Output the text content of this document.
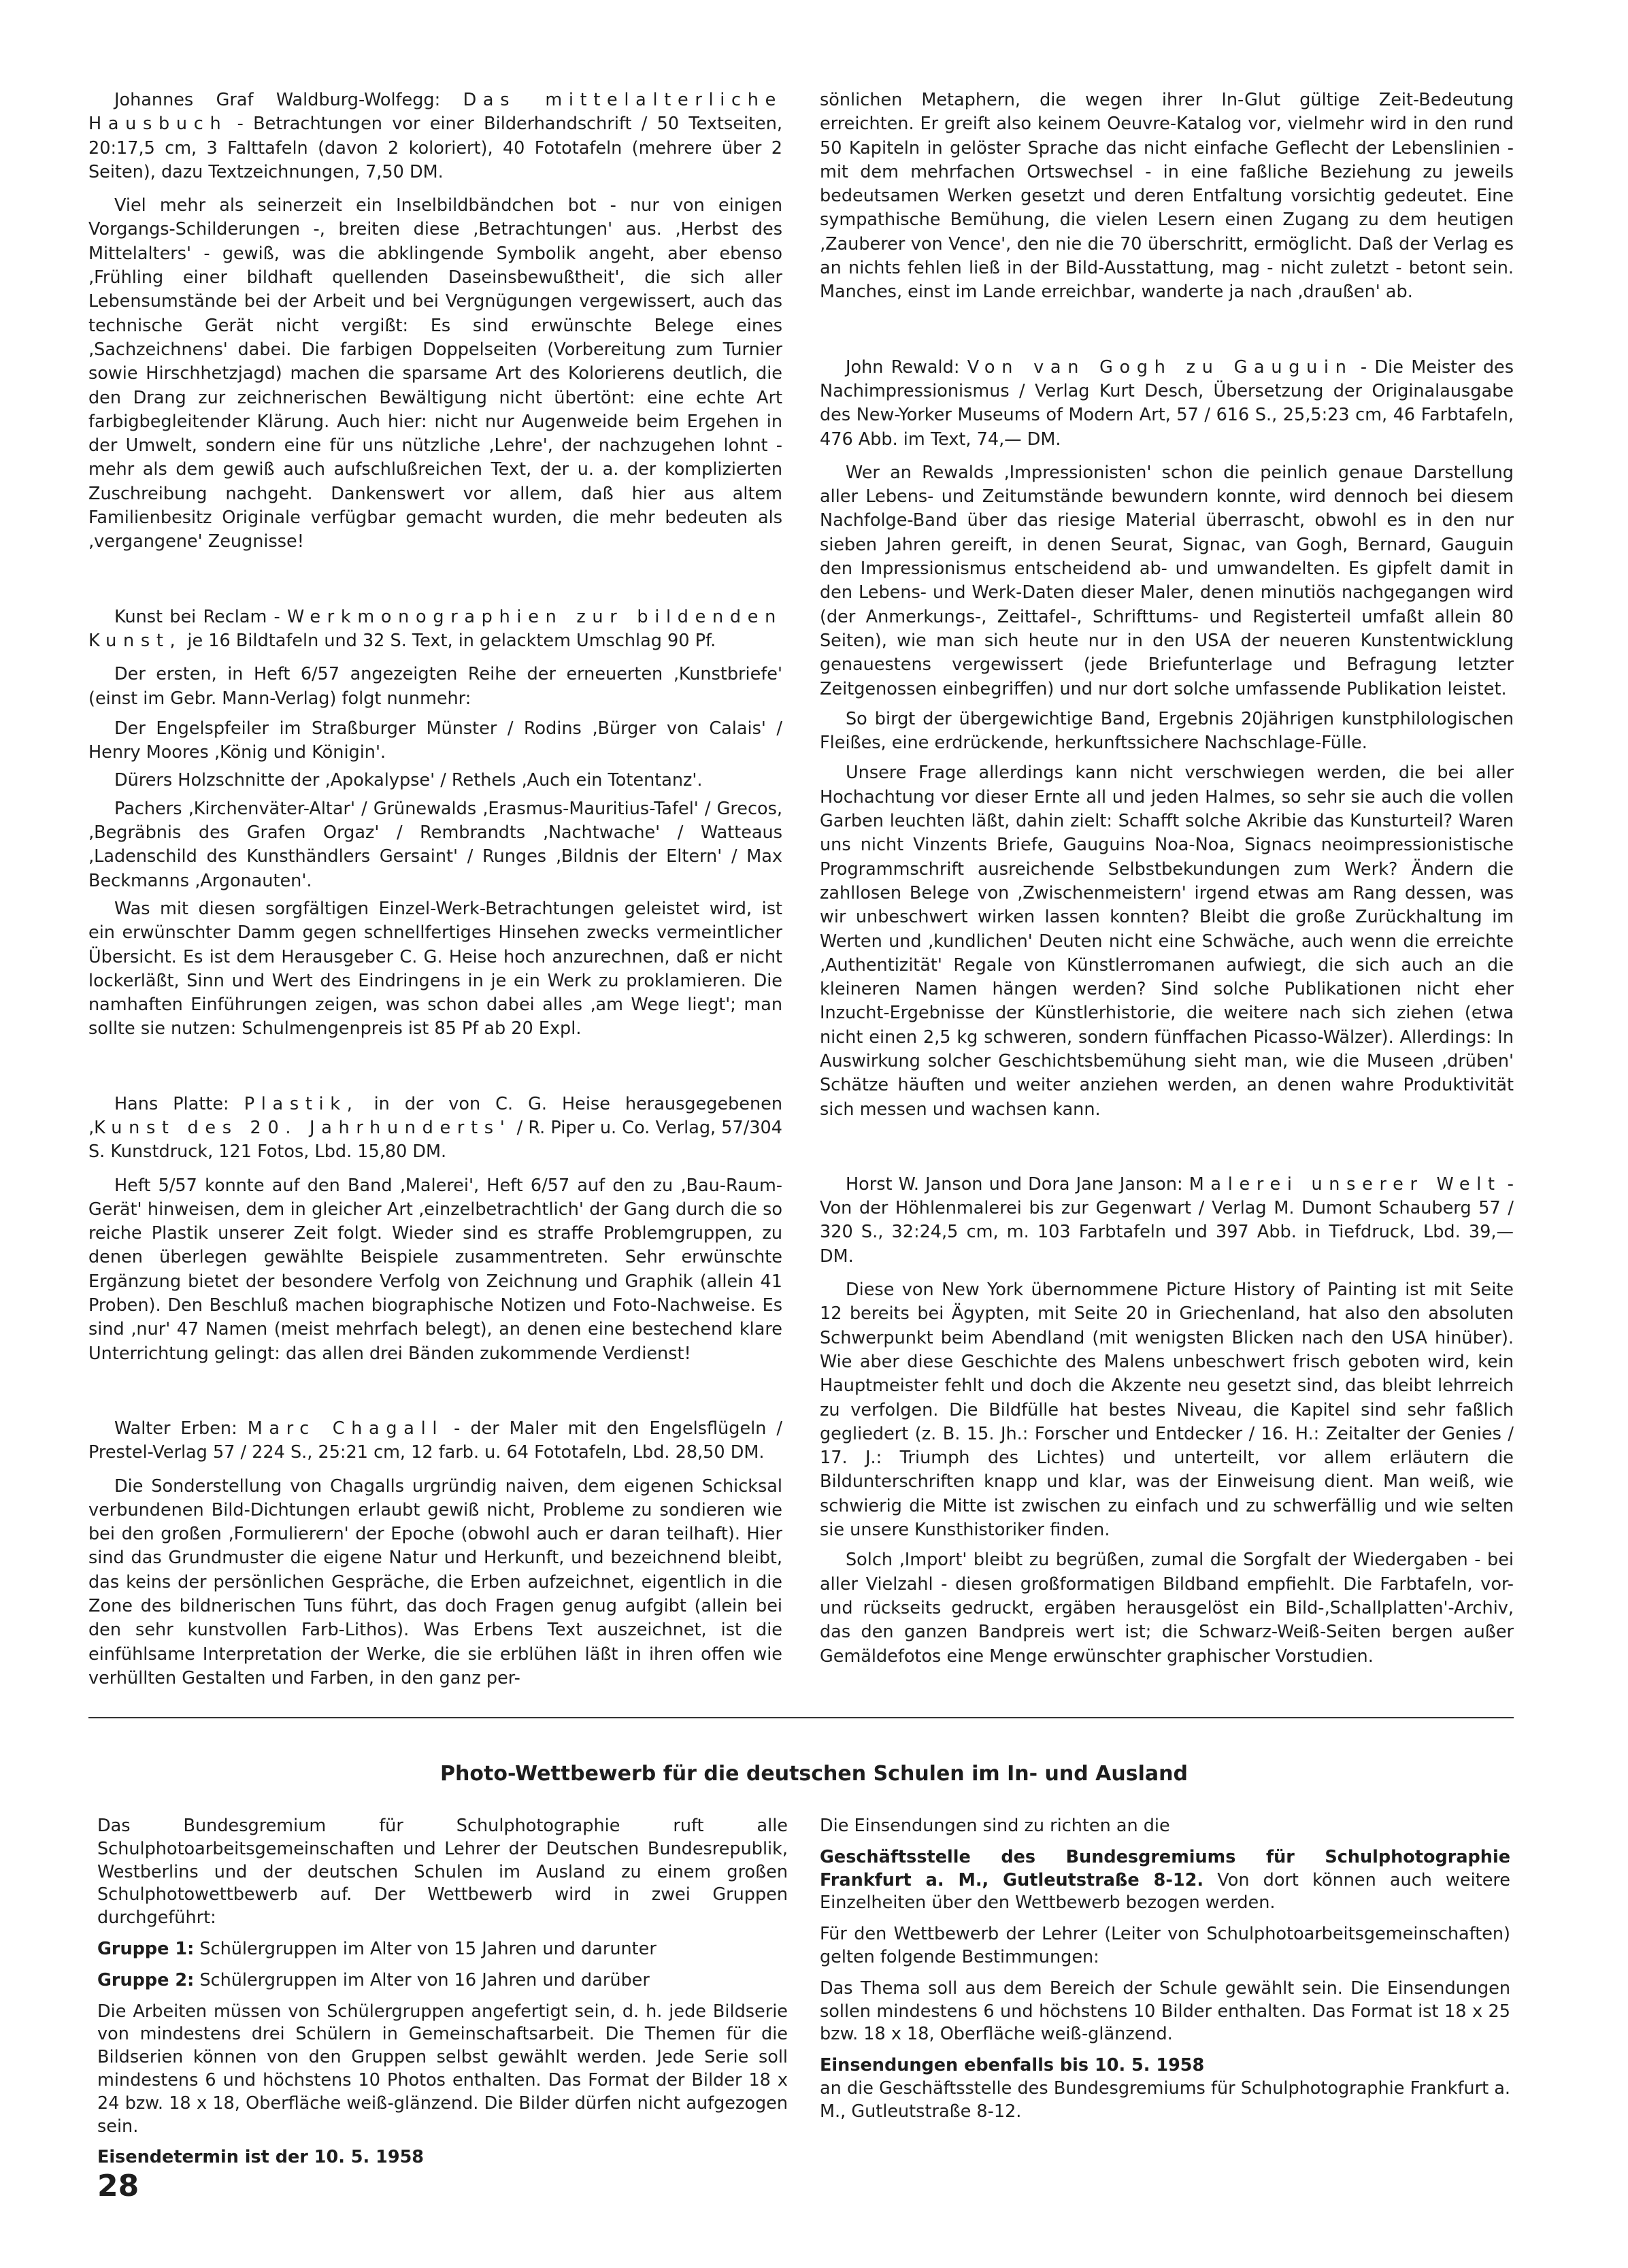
Johannes Graf Waldburg-Wolfegg: Das mittelalterliche Hausbuch - Betrachtungen vor einer Bilderhandschrift / 50 Textseiten, 20:17,5 cm, 3 Falttafeln (davon 2 koloriert), 40 Fototafeln (mehrere über 2 Seiten), dazu Textzeichnungen, 7,50 DM.

Viel mehr als seinerzeit ein Inselbildbändchen bot - nur von einigen Vorgangs-Schilderungen -, breiten diese ‚Betrachtungen' aus. ‚Herbst des Mittelalters' - gewiß, was die abklingende Symbolik angeht, aber ebenso ‚Frühling einer bildhaft quellenden Daseinsbewußtheit', die sich aller Lebensumstände bei der Arbeit und bei Vergnügungen vergewissert, auch das technische Gerät nicht vergißt: Es sind erwünschte Belege eines ‚Sachzeichnens' dabei. Die farbigen Doppelseiten (Vorbereitung zum Turnier sowie Hirschhetzjagd) machen die sparsame Art des Kolorierens deutlich, die den Drang zur zeichnerischen Bewältigung nicht übertönt: eine echte Art farbigbegleitender Klärung. Auch hier: nicht nur Augenweide beim Ergehen in der Umwelt, sondern eine für uns nützliche ‚Lehre', der nachzugehen lohnt - mehr als dem gewiß auch aufschlußreichen Text, der u. a. der komplizierten Zuschreibung nachgeht. Dankenswert vor allem, daß hier aus altem Familienbesitz Originale verfügbar gemacht wurden, die mehr bedeuten als ‚vergangene' Zeugnisse!

Kunst bei Reclam - Werkmonographien zur bildenden Kunst, je 16 Bildtafeln und 32 S. Text, in gelacktem Umschlag 90 Pf.

Der ersten, in Heft 6/57 angezeigten Reihe der erneuerten ‚Kunstbriefe' (einst im Gebr. Mann-Verlag) folgt nunmehr:

Der Engelspfeiler im Straßburger Münster / Rodins ‚Bürger von Calais' / Henry Moores ‚König und Königin'.

Dürers Holzschnitte der ‚Apokalypse' / Rethels ‚Auch ein Totentanz'.

Pachers ‚Kirchenväter-Altar' / Grünewalds ‚Erasmus-Mauritius-Tafel' / Grecos, ‚Begräbnis des Grafen Orgaz' / Rembrandts ‚Nachtwache' / Watteaus ‚Ladenschild des Kunsthändlers Gersaint' / Runges ‚Bildnis der Eltern' / Max Beckmanns ‚Argonauten'.

Was mit diesen sorgfältigen Einzel-Werk-Betrachtungen geleistet wird, ist ein erwünschter Damm gegen schnellfertiges Hinsehen zwecks vermeintlicher Übersicht. Es ist dem Herausgeber C. G. Heise hoch anzurechnen, daß er nicht lockerläßt, Sinn und Wert des Eindringens in je ein Werk zu proklamieren. Die namhaften Einführungen zeigen, was schon dabei alles ‚am Wege liegt'; man sollte sie nutzen: Schulmengenpreis ist 85 Pf ab 20 Expl.

Hans Platte: Plastik, in der von C. G. Heise herausgegebenen ‚Kunst des 20. Jahrhunderts' / R. Piper u. Co. Verlag, 57/304 S. Kunstdruck, 121 Fotos, Lbd. 15,80 DM.

Heft 5/57 konnte auf den Band ‚Malerei', Heft 6/57 auf den zu ‚Bau-Raum-Gerät' hinweisen, dem in gleicher Art ‚einzelbetrachtlich' der Gang durch die so reiche Plastik unserer Zeit folgt. Wieder sind es straffe Problemgruppen, zu denen überlegen gewählte Beispiele zusammentreten. Sehr erwünschte Ergänzung bietet der besondere Verfolg von Zeichnung und Graphik (allein 41 Proben). Den Beschluß machen biographische Notizen und Foto-Nachweise. Es sind ‚nur' 47 Namen (meist mehrfach belegt), an denen eine bestechend klare Unterrichtung gelingt: das allen drei Bänden zukommende Verdienst!

Walter Erben: Marc Chagall - der Maler mit den Engelsflügeln / Prestel-Verlag 57 / 224 S., 25:21 cm, 12 farb. u. 64 Fototafeln, Lbd. 28,50 DM.

Die Sonderstellung von Chagalls urgründig naiven, dem eigenen Schicksal verbundenen Bild-Dichtungen erlaubt gewiß nicht, Probleme zu sondieren wie bei den großen ‚Formulierern' der Epoche (obwohl auch er daran teilhaft). Hier sind das Grundmuster die eigene Natur und Herkunft, und bezeichnend bleibt, das keins der persönlichen Gespräche, die Erben aufzeichnet, eigentlich in die Zone des bildnerischen Tuns führt, das doch Fragen genug aufgibt (allein bei den sehr kunstvollen Farb-Lithos). Was Erbens Text auszeichnet, ist die einfühlsame Interpretation der Werke, die sie erblühen läßt in ihren offen wie verhüllten Gestalten und Farben, in den ganz per-

sönlichen Metaphern, die wegen ihrer In-Glut gültige Zeit-Bedeutung erreichten. Er greift also keinem Oeuvre-Katalog vor, vielmehr wird in den rund 50 Kapiteln in gelöster Sprache das nicht einfache Geflecht der Lebenslinien - mit dem mehrfachen Ortswechsel - in eine faßliche Beziehung zu jeweils bedeutsamen Werken gesetzt und deren Entfaltung vorsichtig gedeutet. Eine sympathische Bemühung, die vielen Lesern einen Zugang zu dem heutigen ‚Zauberer von Vence', den nie die 70 überschritt, ermöglicht. Daß der Verlag es an nichts fehlen ließ in der Bild-Ausstattung, mag - nicht zuletzt - betont sein. Manches, einst im Lande erreichbar, wanderte ja nach ‚draußen' ab.

John Rewald: Von van Gogh zu Gauguin - Die Meister des Nachimpressionismus / Verlag Kurt Desch, Übersetzung der Originalausgabe des New-Yorker Museums of Modern Art, 57 / 616 S., 25,5:23 cm, 46 Farbtafeln, 476 Abb. im Text, 74,— DM.

Wer an Rewalds ‚Impressionisten' schon die peinlich genaue Darstellung aller Lebens- und Zeitumstände bewundern konnte, wird dennoch bei diesem Nachfolge-Band über das riesige Material überrascht, obwohl es in den nur sieben Jahren gereift, in denen Seurat, Signac, van Gogh, Bernard, Gauguin den Impressionismus entscheidend ab- und umwandelten. Es gipfelt damit in den Lebens- und Werk-Daten dieser Maler, denen minutiös nachgegangen wird (der Anmerkungs-, Zeittafel-, Schrifttums- und Registerteil umfaßt allein 80 Seiten), wie man sich heute nur in den USA der neueren Kunstentwicklung genauestens vergewissert (jede Briefunterlage und Befragung letzter Zeitgenossen einbegriffen) und nur dort solche umfassende Publikation leistet.

So birgt der übergewichtige Band, Ergebnis 20jährigen kunstphilologischen Fleißes, eine erdrückende, herkunftssichere Nachschlage-Fülle.

Unsere Frage allerdings kann nicht verschwiegen werden, die bei aller Hochachtung vor dieser Ernte all und jeden Halmes, so sehr sie auch die vollen Garben leuchten läßt, dahin zielt: Schafft solche Akribie das Kunsturteil? Waren uns nicht Vinzents Briefe, Gauguins Noa-Noa, Signacs neoimpressionistische Programmschrift ausreichende Selbstbekundungen zum Werk? Ändern die zahllosen Belege von ‚Zwischenmeistern' irgend etwas am Rang dessen, was wir unbeschwert wirken lassen konnten? Bleibt die große Zurückhaltung im Werten und ‚kundlichen' Deuten nicht eine Schwäche, auch wenn die erreichte ‚Authentizität' Regale von Künstlerromanen aufwiegt, die sich auch an die kleineren Namen hängen werden? Sind solche Publikationen nicht eher Inzucht-Ergebnisse der Künstlerhistorie, die weitere nach sich ziehen (etwa nicht einen 2,5 kg schweren, sondern fünffachen Picasso-Wälzer). Allerdings: In Auswirkung solcher Geschichtsbemühung sieht man, wie die Museen ‚drüben' Schätze häuften und weiter anziehen werden, an denen wahre Produktivität sich messen und wachsen kann.

Horst W. Janson und Dora Jane Janson: Malerei unserer Welt - Von der Höhlenmalerei bis zur Gegenwart / Verlag M. Dumont Schauberg 57 / 320 S., 32:24,5 cm, m. 103 Farbtafeln und 397 Abb. in Tiefdruck, Lbd. 39,— DM.

Diese von New York übernommene Picture History of Painting ist mit Seite 12 bereits bei Ägypten, mit Seite 20 in Griechenland, hat also den absoluten Schwerpunkt beim Abendland (mit wenigsten Blicken nach den USA hinüber). Wie aber diese Geschichte des Malens unbeschwert frisch geboten wird, kein Hauptmeister fehlt und doch die Akzente neu gesetzt sind, das bleibt lehrreich zu verfolgen. Die Bildfülle hat bestes Niveau, die Kapitel sind sehr faßlich gegliedert (z. B. 15. Jh.: Forscher und Entdecker / 16. H.: Zeitalter der Genies / 17. J.: Triumph des Lichtes) und unterteilt, vor allem erläutern die Bildunterschriften knapp und klar, was der Einweisung dient. Man weiß, wie schwierig die Mitte ist zwischen zu einfach und zu schwerfällig und wie selten sie unsere Kunsthistoriker finden.

Solch ‚Import' bleibt zu begrüßen, zumal die Sorgfalt der Wiedergaben - bei aller Vielzahl - diesen großformatigen Bildband empfiehlt. Die Farbtafeln, vor- und rückseits gedruckt, ergäben herausgelöst ein Bild-‚Schallplatten'-Archiv, das den ganzen Bandpreis wert ist; die Schwarz-Weiß-Seiten bergen außer Gemäldefotos eine Menge erwünschter graphischer Vorstudien.

Photo-Wettbewerb für die deutschen Schulen im In- und Ausland

Das Bundesgremium für Schulphotographie ruft alle Schulphotoarbeitsgemeinschaften und Lehrer der Deutschen Bundesrepublik, Westberlins und der deutschen Schulen im Ausland zu einem großen Schulphotowettbewerb auf. Der Wettbewerb wird in zwei Gruppen durchgeführt:

Gruppe 1: Schülergruppen im Alter von 15 Jahren und darunter

Gruppe 2: Schülergruppen im Alter von 16 Jahren und darüber

Die Arbeiten müssen von Schülergruppen angefertigt sein, d. h. jede Bildserie von mindestens drei Schülern in Gemeinschaftsarbeit. Die Themen für die Bildserien können von den Gruppen selbst gewählt werden. Jede Serie soll mindestens 6 und höchstens 10 Photos enthalten. Das Format der Bilder 18 x 24 bzw. 18 x 18, Oberfläche weiß-glänzend. Die Bilder dürfen nicht aufgezogen sein.

Eisendetermin ist der 10. 5. 1958

Die Einsendungen sind zu richten an die

Geschäftsstelle des Bundesgremiums für Schulphotographie Frankfurt a. M., Gutleutstraße 8-12. Von dort können auch weitere Einzelheiten über den Wettbewerb bezogen werden.

Für den Wettbewerb der Lehrer (Leiter von Schulphotoarbeitsgemeinschaften) gelten folgende Bestimmungen:

Das Thema soll aus dem Bereich der Schule gewählt sein. Die Einsendungen sollen mindestens 6 und höchstens 10 Bilder enthalten. Das Format ist 18 x 25 bzw. 18 x 18, Oberfläche weiß-glänzend.

Einsendungen ebenfalls bis 10. 5. 1958
an die Geschäftsstelle des Bundesgremiums für Schulphotographie Frankfurt a. M., Gutleutstraße 8-12.

28
